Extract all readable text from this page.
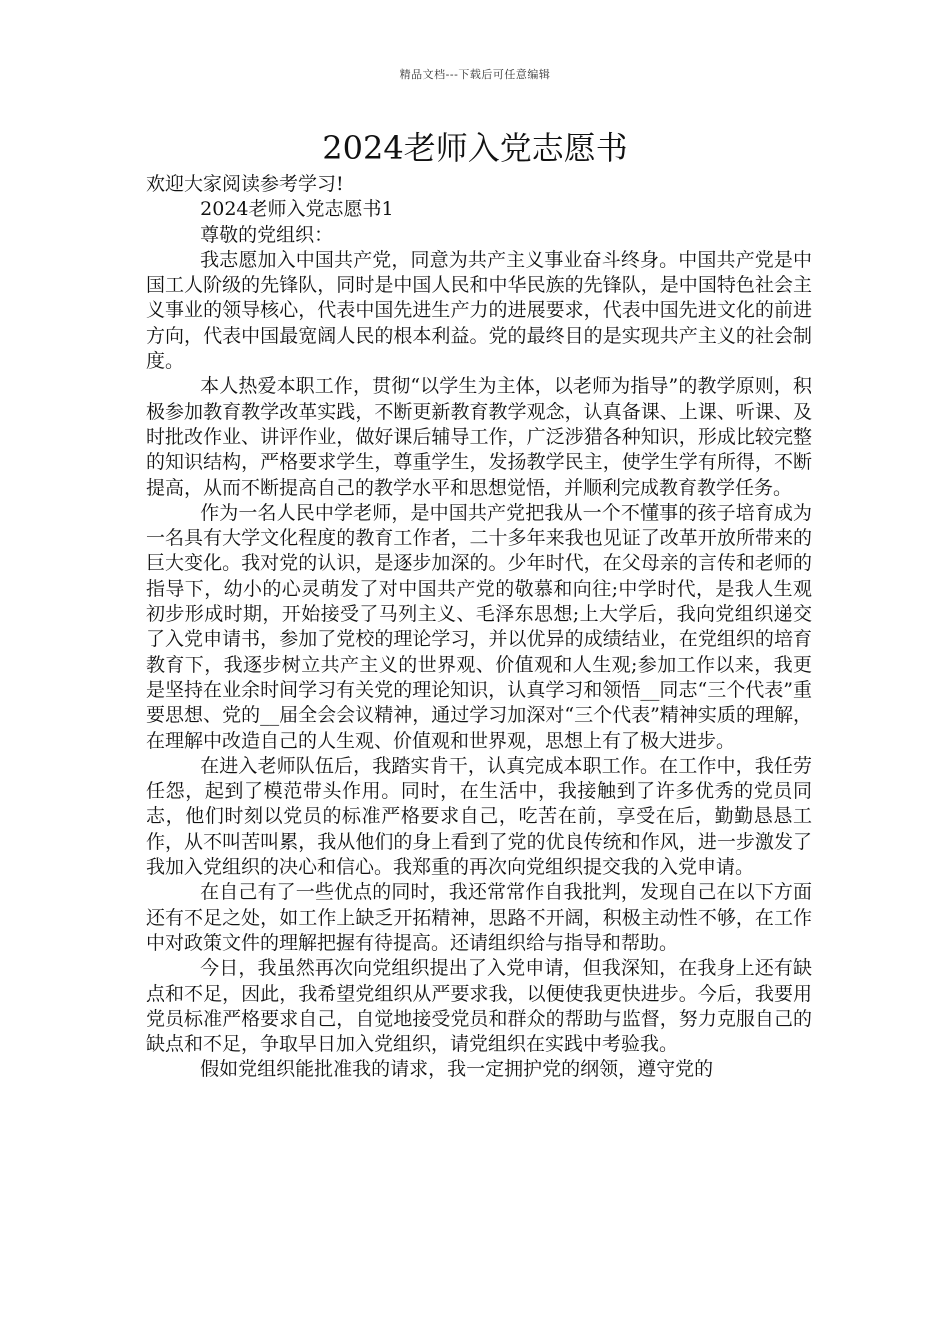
精品文档---下载后可任意编辑
2024老师入党志愿书

欢迎大家阅读参考学习!

2024老师入党志愿书1

尊敬的党组织：

我志愿加入中国共产党，同意为共产主义事业奋斗终身。中国共产党是中国工人阶级的先锋队，同时是中国人民和中华民族的先锋队，是中国特色社会主义事业的领导核心，代表中国先进生产力的进展要求，代表中国先进文化的前进方向，代表中国最宽阔人民的根本利益。党的最终目的是实现共产主义的社会制度。

本人热爱本职工作，贯彻“以学生为主体，以老师为指导”的教学原则，积极参加教育教学改革实践，不断更新教育教学观念，认真备课、上课、听课、及时批改作业、讲评作业，做好课后辅导工作，广泛涉猎各种知识，形成比较完整的知识结构，严格要求学生，尊重学生，发扬教学民主，使学生学有所得，不断提高，从而不断提高自己的教学水平和思想觉悟，并顺利完成教育教学任务。

作为一名人民中学老师，是中国共产党把我从一个不懂事的孩子培育成为一名具有大学文化程度的教育工作者，二十多年来我也见证了改革开放所带来的巨大变化。我对党的认识，是逐步加深的。少年时代，在父母亲的言传和老师的指导下，幼小的心灵萌发了对中国共产党的敬慕和向往;中学时代，是我人生观初步形成时期，开始接受了马列主义、毛泽东思想;上大学后，我向党组织递交了入党申请书，参加了党校的理论学习，并以优异的成绩结业，在党组织的培育教育下，我逐步树立共产主义的世界观、价值观和人生观;参加工作以来，我更是坚持在业余时间学习有关党的理论知识，认真学习和领悟__同志“三个代表”重要思想、党的__届全会会议精神，通过学习加深对“三个代表”精神实质的理解，在理解中改造自己的人生观、价值观和世界观，思想上有了极大进步。

在进入老师队伍后，我踏实肯干，认真完成本职工作。在工作中，我任劳任怨，起到了模范带头作用。同时，在生活中，我接触到了许多优秀的党员同志，他们时刻以党员的标准严格要求自己，吃苦在前，享受在后，勤勤恳恳工作，从不叫苦叫累，我从他们的身上看到了党的优良传统和作风，进一步激发了我加入党组织的决心和信心。我郑重的再次向党组织提交我的入党申请。

在自己有了一些优点的同时，我还常常作自我批判，发现自己在以下方面还有不足之处，如工作上缺乏开拓精神，思路不开阔，积极主动性不够，在工作中对政策文件的理解把握有待提高。还请组织给与指导和帮助。

今日，我虽然再次向党组织提出了入党申请，但我深知，在我身上还有缺点和不足，因此，我希望党组织从严要求我，以便使我更快进步。今后，我要用党员标准严格要求自己，自觉地接受党员和群众的帮助与监督，努力克服自己的缺点和不足，争取早日加入党组织，请党组织在实践中考验我。

假如党组织能批准我的请求，我一定拥护党的纲领，遵守党的
